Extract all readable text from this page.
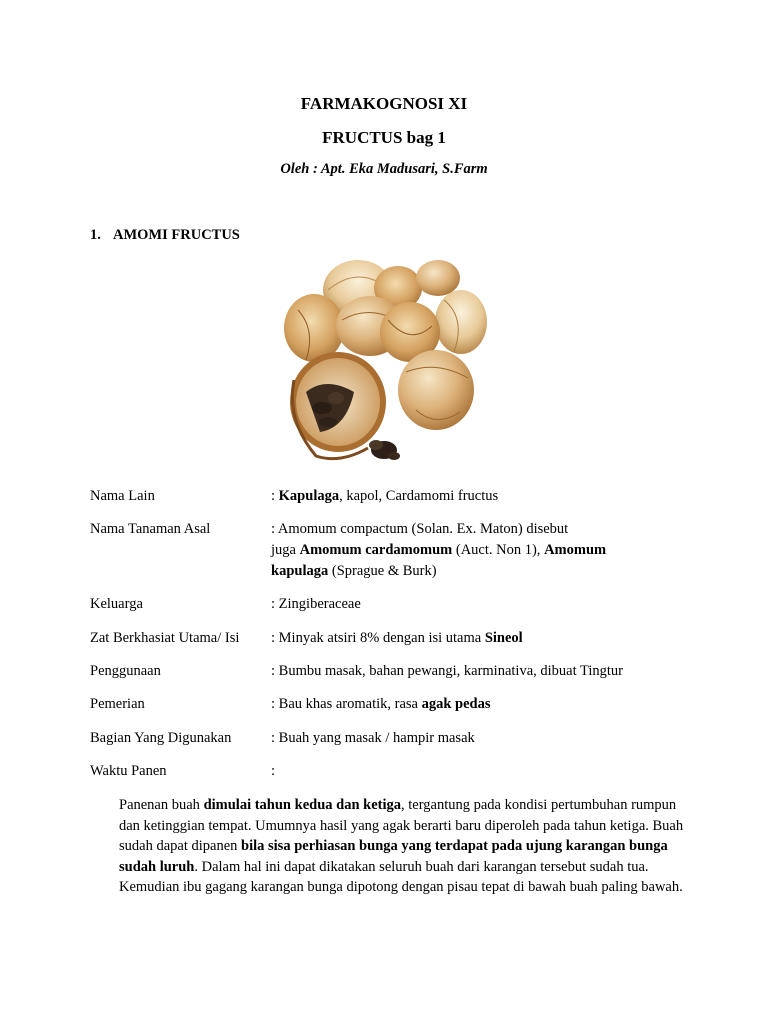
FARMAKOGNOSI XI
FRUCTUS bag 1
Oleh : Apt. Eka Madusari, S.Farm
1. AMOMI FRUCTUS
Nama Lain	: Kapulaga, kapol, Cardamomi fructus
Nama Tanaman Asal	: Amomum compactum (Solan. Ex. Maton) disebut
juga Amomum cardamomum (Auct. Non 1), Amomum
kapulaga (Sprague & Burk)
Keluarga	: Zingiberaceae
Zat Berkhasiat Utama/ Isi	: Minyak atsiri 8% dengan isi utama Sineol
Penggunaan	: Bumbu masak, bahan pewangi, karminativa, dibuat Tingtur
Pemerian	: Bau khas aromatik, rasa agak pedas
Bagian Yang Digunakan	: Buah yang masak / hampir masak
Waktu Panen	:
Panenan buah dimulai tahun kedua dan ketiga, tergantung pada kondisi pertumbuhan rumpun dan ketinggian tempat. Umumnya hasil yang agak berarti baru diperoleh pada tahun ketiga. Buah sudah dapat dipanen bila sisa perhiasan bunga yang terdapat pada ujung karangan bunga sudah luruh. Dalam hal ini dapat dikatakan seluruh buah dari karangan tersebut sudah tua. Kemudian ibu gagang karangan bunga dipotong dengan pisau tepat di bawah buah paling bawah.
